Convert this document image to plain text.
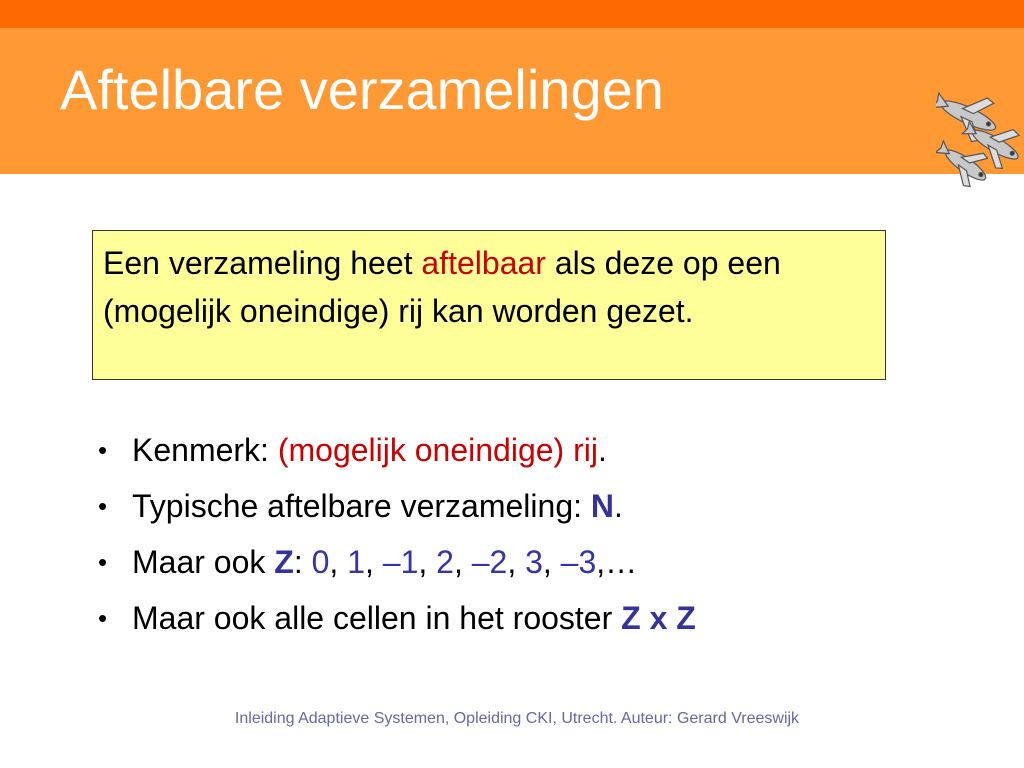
Aftelbare verzamelingen
Een verzameling heet aftelbaar als deze op een (mogelijk oneindige) rij kan worden gezet.
• Kenmerk: (mogelijk oneindige) rij.
• Typische aftelbare verzameling: N.
• Maar ook Z: 0, 1, –1, 2, –2, 3, –3,…
• Maar ook alle cellen in het rooster Z x Z
Inleiding Adaptieve Systemen, Opleiding CKI, Utrecht. Auteur: Gerard Vreeswijk
